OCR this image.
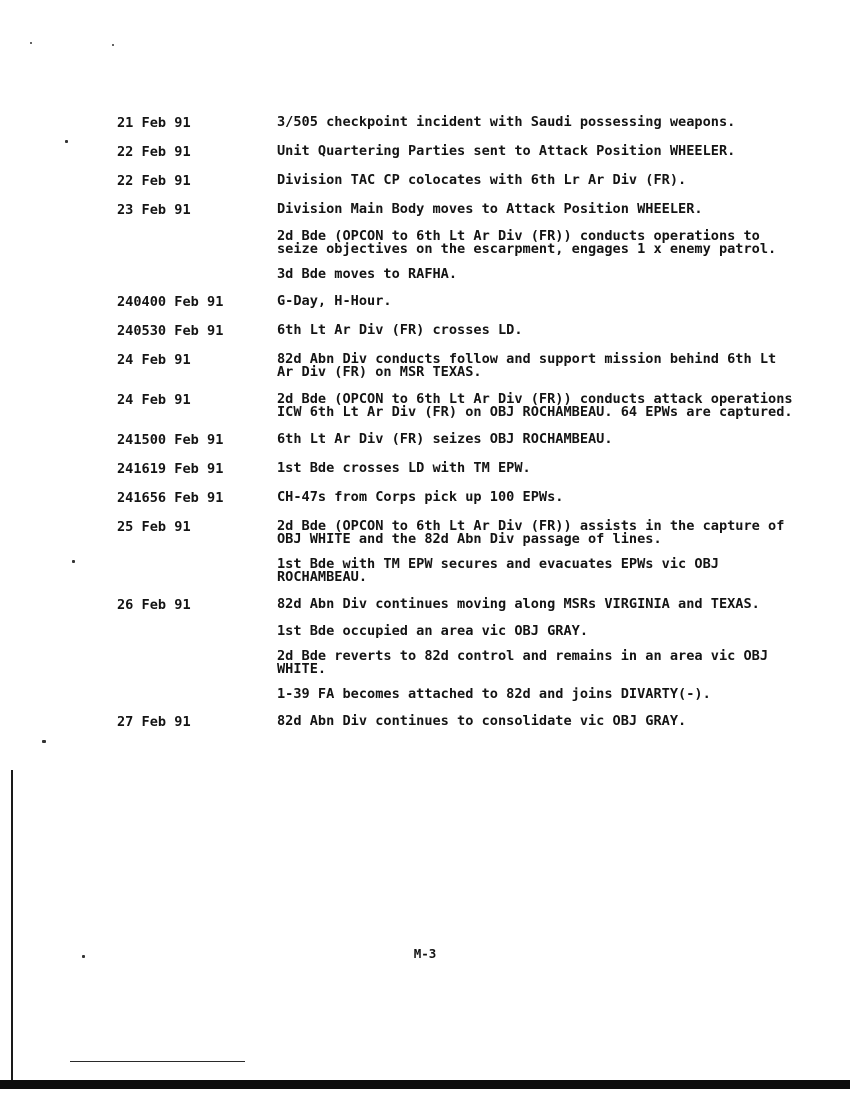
21 Feb 91	3/505 checkpoint incident with Saudi possessing weapons.
22 Feb 91	Unit Quartering Parties sent to Attack Position WHEELER.
22 Feb 91	Division TAC CP colocates with 6th Lr Ar Div (FR).
23 Feb 91	Division Main Body moves to Attack Position WHEELER.
2d Bde (OPCON to 6th Lt Ar Div (FR)) conducts operations to seize objectives on the escarpment, engages 1 x enemy patrol.
3d Bde moves to RAFHA.
240400 Feb 91	G-Day, H-Hour.
240530 Feb 91	6th Lt Ar Div (FR) crosses LD.
24 Feb 91	82d Abn Div conducts follow and support mission behind 6th Lt Ar Div (FR) on MSR TEXAS.
24 Feb 91	2d Bde (OPCON to 6th Lt Ar Div (FR)) conducts attack operations ICW 6th Lt Ar Div (FR) on OBJ ROCHAMBEAU. 64 EPWs are captured.
241500 Feb 91	6th Lt Ar Div (FR) seizes OBJ ROCHAMBEAU.
241619 Feb 91	1st Bde crosses LD with TM EPW.
241656 Feb 91	CH-47s from Corps pick up 100 EPWs.
25 Feb 91	2d Bde (OPCON to 6th Lt Ar Div (FR)) assists in the capture of OBJ WHITE and the 82d Abn Div passage of lines.
1st Bde with TM EPW secures and evacuates EPWs vic OBJ ROCHAMBEAU.
26 Feb 91	82d Abn Div continues moving along MSRs VIRGINIA and TEXAS.
1st Bde occupied an area vic OBJ GRAY.
2d Bde reverts to 82d control and remains in an area vic OBJ WHITE.
1-39 FA becomes attached to 82d and joins DIVARTY(-).
27 Feb 91	82d Abn Div continues to consolidate vic OBJ GRAY.
M-3
